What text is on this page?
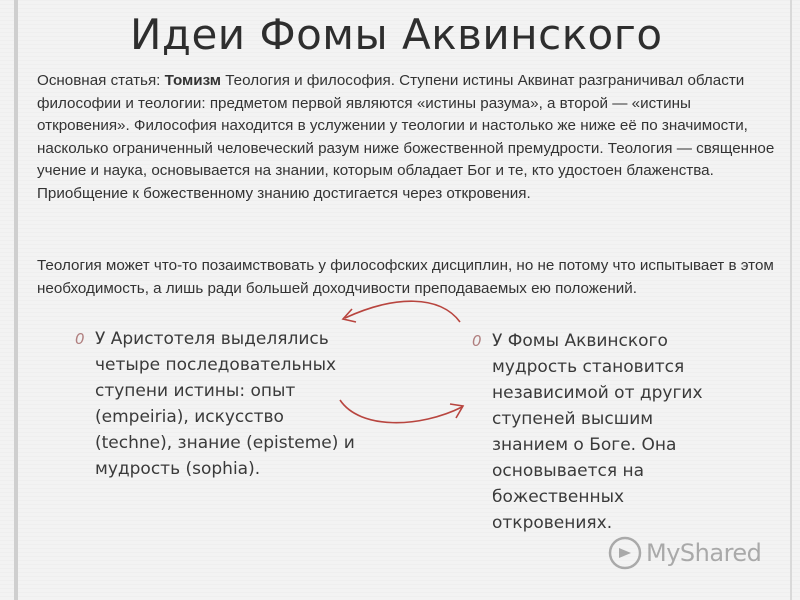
Идеи Фомы Аквинского
Основная статья: Томизм Теология и философия. Ступени истины Аквинат разграничивал области философии и теологии: предметом первой являются «истины разума», а второй — «истины откровения». Философия находится в услужении у теологии и настолько же ниже её по значимости, насколько ограниченный человеческий разум ниже божественной премудрости. Теология — священное учение и наука, основывается на знании, которым обладает Бог и те, кто удостоен блаженства. Приобщение к божественному знанию достигается через откровения.
Теология может что-то позаимствовать у философских дисциплин, но не потому что испытывает в этом необходимость, а лишь ради большей доходчивости преподаваемых ею положений.
0 У Аристотеля выделялись четыре последовательных ступени истины: опыт (empeiria), искусство (techne), знание (episteme) и мудрость (sophia).
0 У Фомы Аквинского мудрость становится независимой от других ступеней высшим знанием о Боге. Она основывается на божественных откровениях.
MyShared
